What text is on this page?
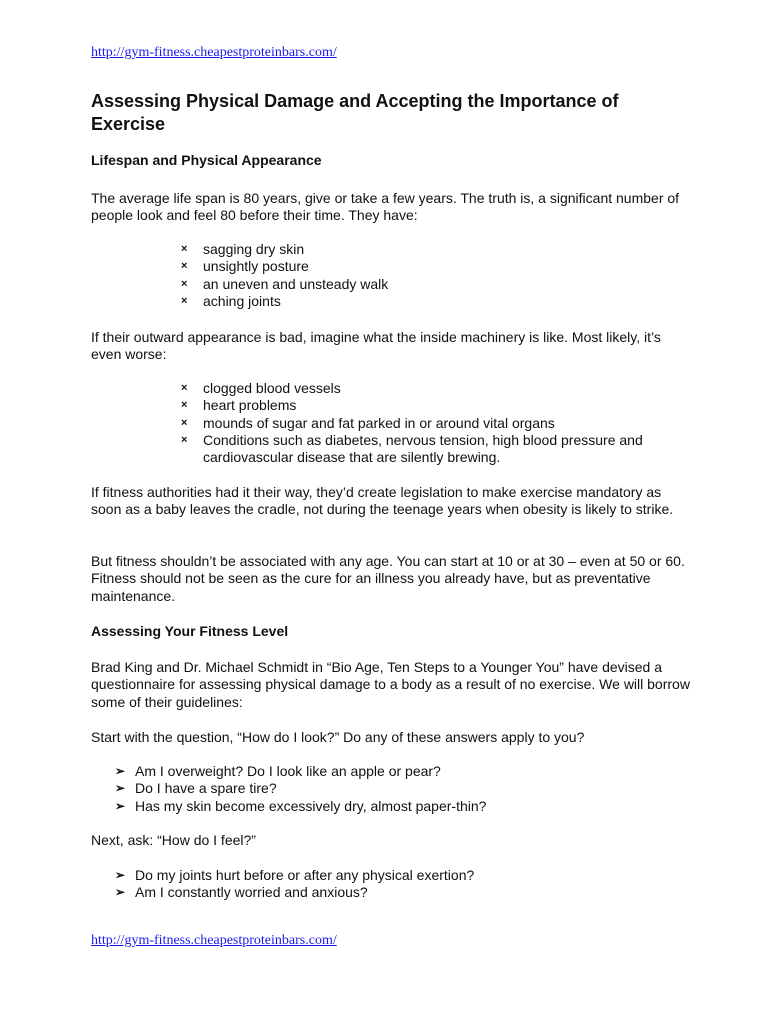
http://gym-fitness.cheapestproteinbars.com/
Assessing Physical Damage and Accepting the Importance of Exercise
Lifespan and Physical Appearance

The average life span is 80 years, give or take a few years. The truth is, a significant number of people look and feel 80 before their time. They have:

× sagging dry skin
× unsightly posture
× an uneven and unsteady walk
× aching joints

If their outward appearance is bad, imagine what the inside machinery is like. Most likely, it’s even worse:

× clogged blood vessels
× heart problems
× mounds of sugar and fat parked in or around vital organs
× Conditions such as diabetes, nervous tension, high blood pressure and cardiovascular disease that are silently brewing.

If fitness authorities had it their way, they’d create legislation to make exercise mandatory as soon as a baby leaves the cradle, not during the teenage years when obesity is likely to strike.

But fitness shouldn’t be associated with any age. You can start at 10 or at 30 – even at 50 or 60. Fitness should not be seen as the cure for an illness you already have, but as preventative maintenance.

Assessing Your Fitness Level

Brad King and Dr. Michael Schmidt in “Bio Age, Ten Steps to a Younger You” have devised a questionnaire for assessing physical damage to a body as a result of no exercise. We will borrow some of their guidelines:

Start with the question, “How do I look?” Do any of these answers apply to you?

➢ Am I overweight? Do I look like an apple or pear?
➢ Do I have a spare tire?
➢ Has my skin become excessively dry, almost paper-thin?

Next, ask: “How do I feel?”

➢ Do my joints hurt before or after any physical exertion?
➢ Am I constantly worried and anxious?
http://gym-fitness.cheapestproteinbars.com/
